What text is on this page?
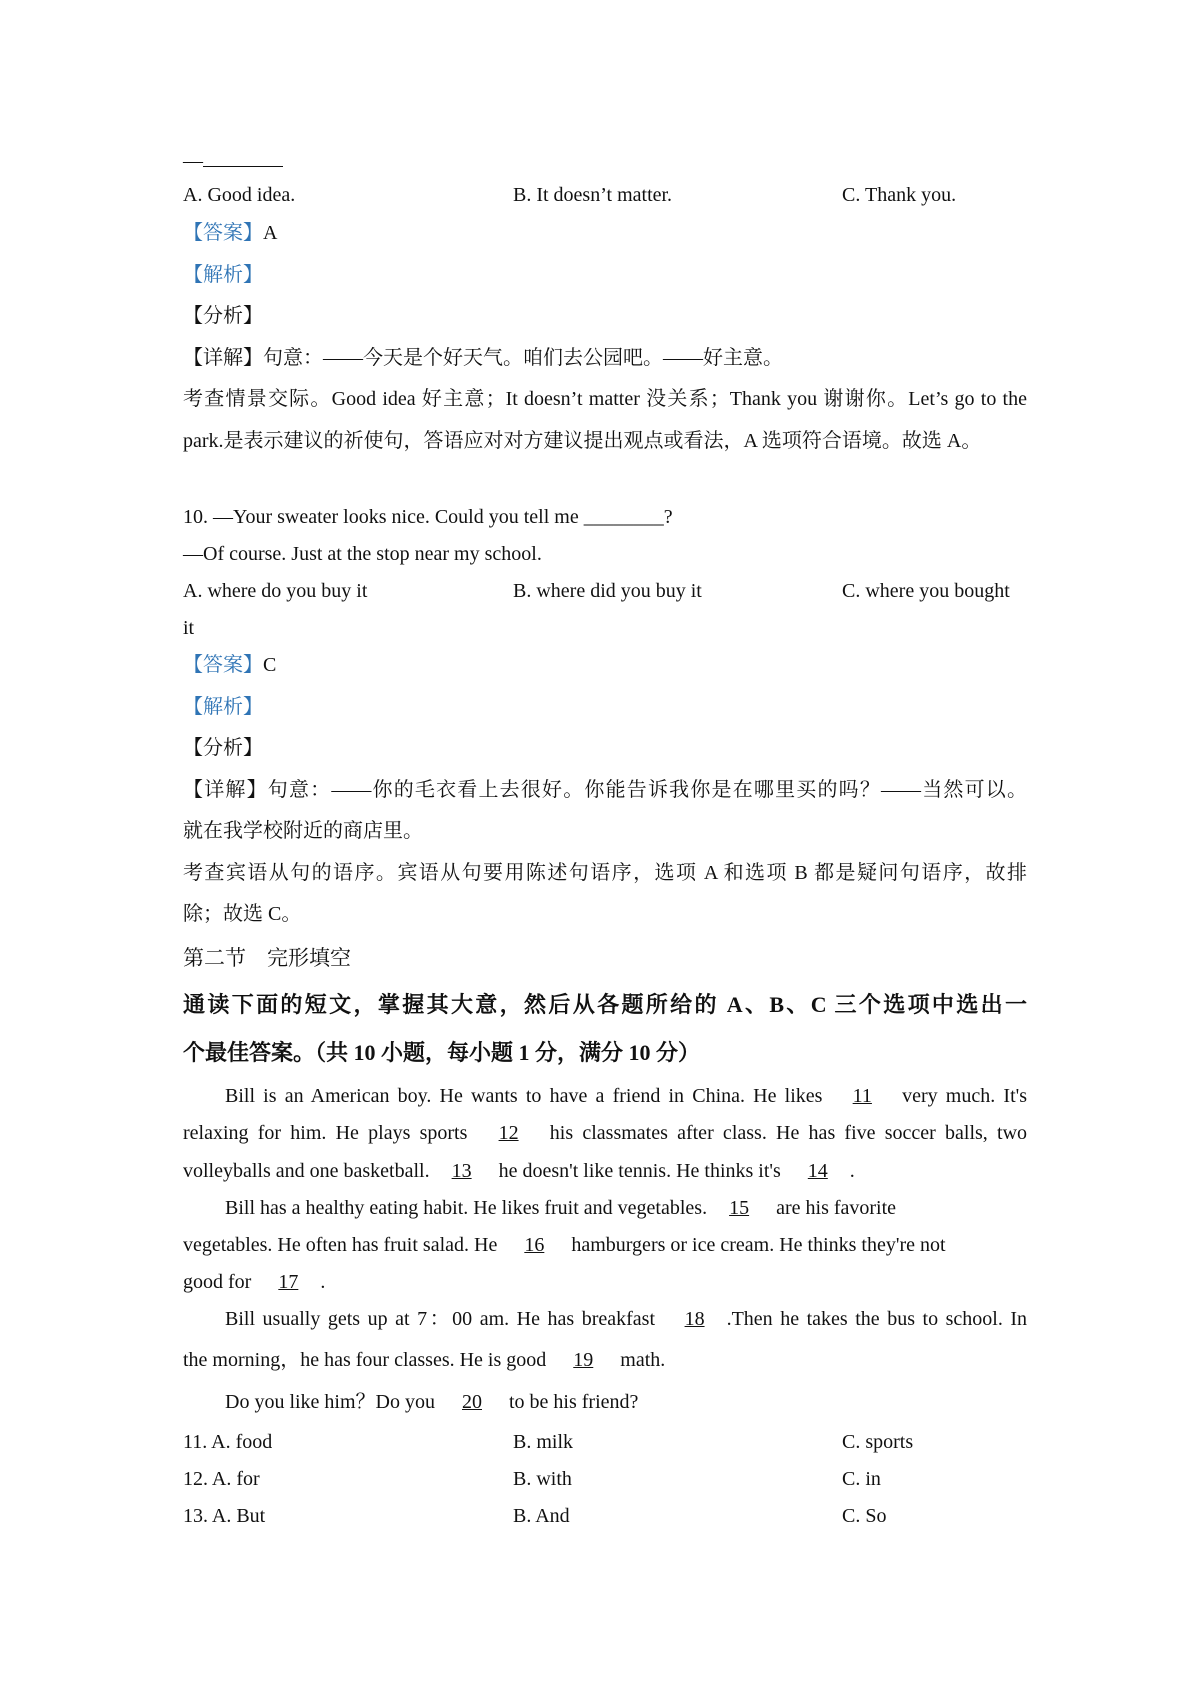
—
A. Good idea.	B. It doesn’t matter.	C. Thank you.
【答案】A
【解析】
【分析】
【详解】句意：——今天是个好天气。咱们去公园吧。——好主意。
考查情景交际。Good idea 好主意；It doesn’t matter 没关系；Thank you 谢谢你。Let’s go to the
park.是表示建议的祈使句，答语应对对方建议提出观点或看法，A 选项符合语境。故选 A。
10. —Your sweater looks nice. Could you tell me ________?
—Of course. Just at the stop near my school.
A. where do you buy it	B. where did you buy it	C. where you bought
it
【答案】C
【解析】
【分析】
【详解】句意：——你的毛衣看上去很好。你能告诉我你是在哪里买的吗？——当然可以。
就在我学校附近的商店里。
考查宾语从句的语序。宾语从句要用陈述句语序，选项 A 和选项 B 都是疑问句语序，故排
除；故选 C。
第二节　完形填空
通读下面的短文，掌握其大意，然后从各题所给的 A、B、C 三个选项中选出一
个最佳答案。（共 10 小题，每小题 1 分，满分 10 分）
Bill is an American boy. He wants to have a friend in China. He likes 11 very much. It's
relaxing for him. He plays sports 12 his classmates after class. He has five soccer balls, two
volleyballs and one basketball. 13 he doesn't like tennis. He thinks it's 14 .
Bill has a healthy eating habit. He likes fruit and vegetables. 15 are his favorite
vegetables. He often has fruit salad. He 16 hamburgers or ice cream. He thinks they're not
good for 17 .
Bill usually gets up at 7：00 am. He has breakfast 18 .Then he takes the bus to school. In
the morning，he has four classes. He is good 19 math.
Do you like him？Do you 20 to be his friend?
11. A. food	B. milk	C. sports
12. A. for	B. with	C. in
13. A. But	B. And	C. So
